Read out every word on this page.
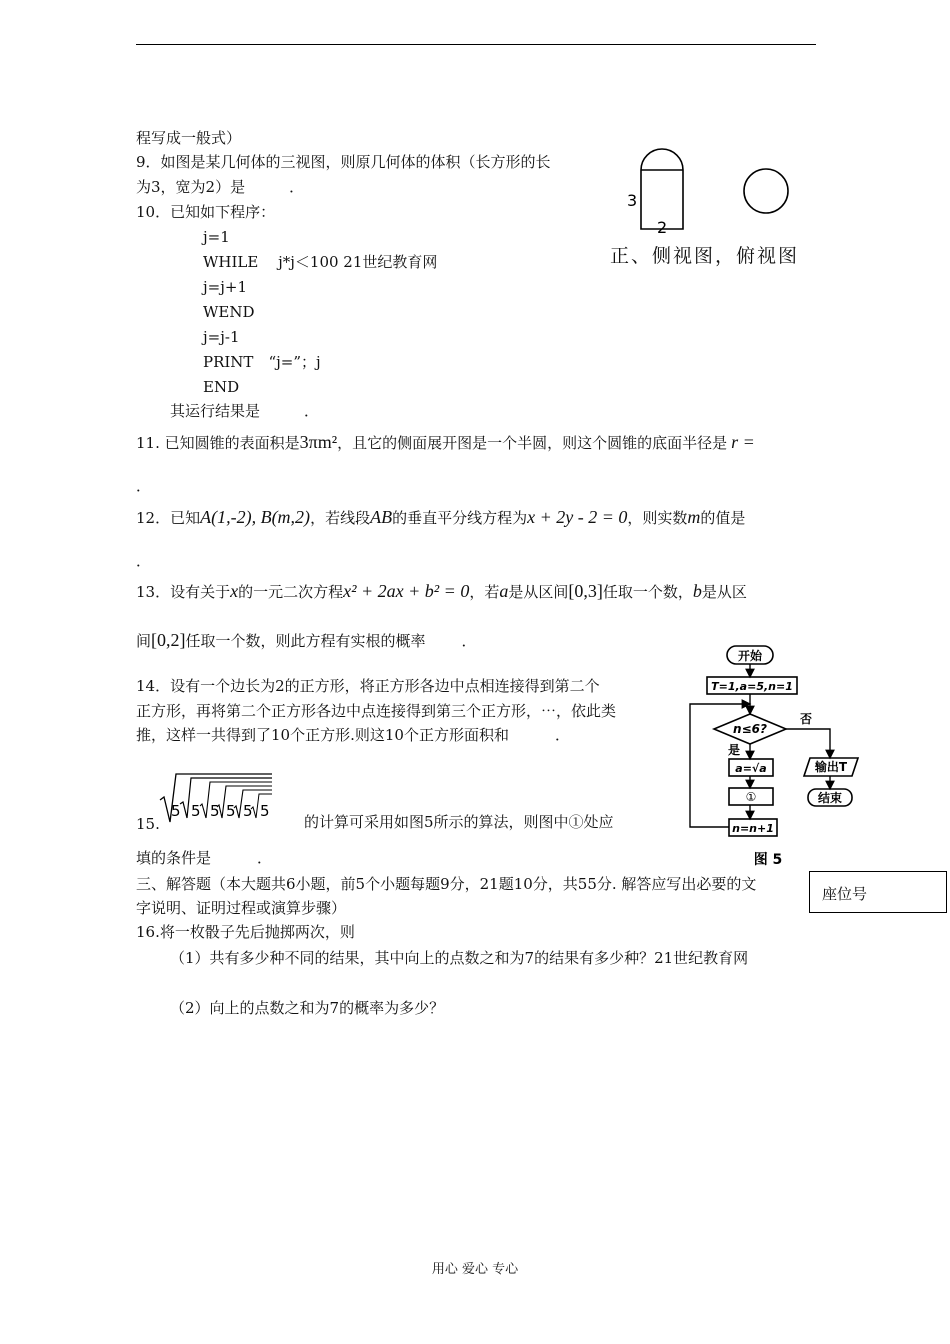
程写成一般式）
9．如图是某几何体的三视图，则原几何体的体积（长方形的长
为3，宽为2）是	．
3
2
正、侧视图，俯视图
10．已知如下程序：
j=1
WHILE　 j*j＜100 21世纪教育网
j=j+1
WEND
j=j-1
PRINT　“j=”；j
END
其运行结果是	．
11. 已知圆锥的表面积是3πm²，且它的侧面展开图是一个半圆，则这个圆锥的底面半径是 r =
．
12．已知A(1,-2), B(m,2)，若线段AB的垂直平分线方程为x + 2y - 2 = 0，则实数m的值是
．
13．设有关于x的一元二次方程x² + 2ax + b² = 0，若a是从区间[0,3]任取一个数，b是从区
间[0,2]任取一个数，则此方程有实根的概率 ．
14．设有一个边长为2的正方形，将正方形各边中点相连接得到第二个
正方形，再将第二个正方形各边中点连接得到第三个正方形，⋯，依此类
推，这样一共得到了10个正方形.则这10个正方形面积和	．
15.
5 5 5 5 5 5
的计算可采用如图5所示的算法，则图中①处应
填的条件是	．
开始
T=1,a=5,n=1
n≤6?
否
是
a=√a
①
n=n+1
输出T
结束
图 5
三、解答题（本大题共6小题，前5个小题每题9分，21题10分，共55分. 解答应写出必要的文
字说明、证明过程或演算步骤）
座位号
16.将一枚骰子先后抛掷两次，则
（1）共有多少种不同的结果，其中向上的点数之和为7的结果有多少种？21世纪教育网
（2）向上的点数之和为7的概率为多少？
用心 爱心 专心
